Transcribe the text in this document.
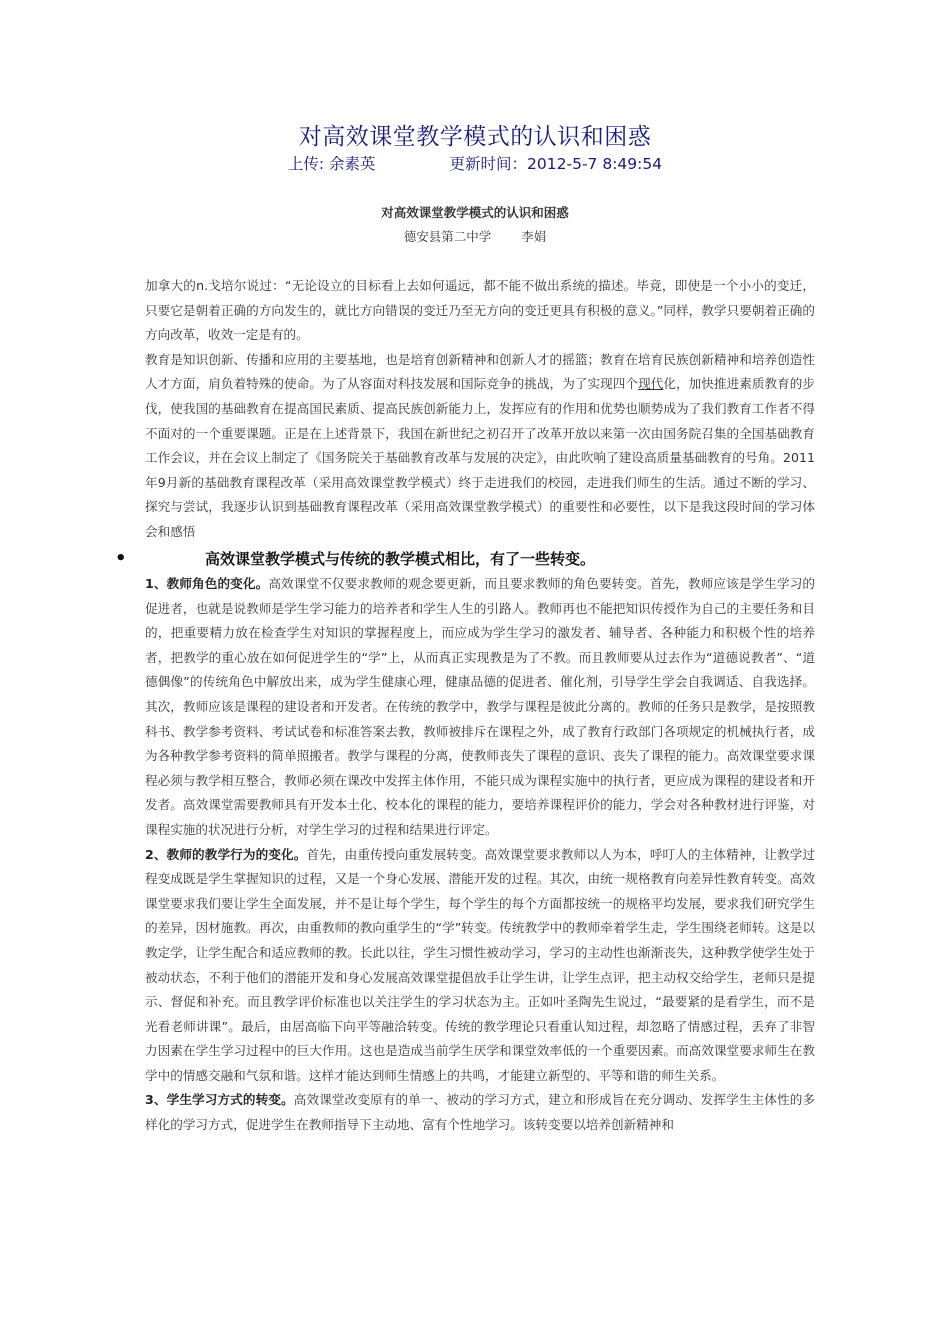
对高效课堂教学模式的认识和困惑
上传: 余素英	更新时间：2012-5-7 8:49:54
对高效课堂教学模式的认识和困惑
德安县第二中学 李娟

加拿大的n.戈培尔说过：“无论设立的目标看上去如何遥远，都不能不做出系统的描述。毕竟，即使是一个小小的变迁，只要它是朝着正确的方向发生的，就比方向错误的变迁乃至无方向的变迁更具有积极的意义。”同样，教学只要朝着正确的方向改革，收效一定是有的。

教育是知识创新、传播和应用的主要基地，也是培育创新精神和创新人才的摇篮；教育在培育民族创新精神和培养创造性人才方面，肩负着特殊的使命。为了从容面对科技发展和国际竞争的挑战，为了实现四个现代化，加快推进素质教育的步伐，使我国的基础教育在提高国民素质、提高民族创新能力上，发挥应有的作用和优势也顺势成为了我们教育工作者不得不面对的一个重要课题。正是在上述背景下，我国在新世纪之初召开了改革开放以来第一次由国务院召集的全国基础教育工作会议，并在会议上制定了《国务院关于基础教育改革与发展的决定》，由此吹响了建设高质量基础教育的号角。2011年9月新的基础教育课程改革（采用高效课堂教学模式）终于走进我们的校园，走进我们师生的生活。通过不断的学习、探究与尝试，我逐步认识到基础教育课程改革（采用高效课堂教学模式）的重要性和必要性，以下是我这段时间的学习体会和感悟

•	高效课堂教学模式与传统的教学模式相比，有了一些转变。

1、教师角色的变化。高效课堂不仅要求教师的观念要更新，而且要求教师的角色要转变。首先，教师应该是学生学习的促进者，也就是说教师是学生学习能力的培养者和学生人生的引路人。教师再也不能把知识传授作为自己的主要任务和目的，把重要精力放在检查学生对知识的掌握程度上，而应成为学生学习的激发者、辅导者、各种能力和积极个性的培养者，把教学的重心放在如何促进学生的“学”上，从而真正实现教是为了不教。而且教师要从过去作为“道德说教者”、“道德偶像”的传统角色中解放出来，成为学生健康心理，健康品德的促进者、催化剂，引导学生学会自我调适、自我选择。其次，教师应该是课程的建设者和开发者。在传统的教学中，教学与课程是彼此分离的。教师的任务只是教学，是按照教科书、教学参考资料、考试试卷和标准答案去教，教师被排斥在课程之外，成了教育行政部门各项规定的机械执行者，成为各种教学参考资料的简单照搬者。教学与课程的分离，使教师丧失了课程的意识、丧失了课程的能力。高效课堂要求课程必须与教学相互整合，教师必须在课改中发挥主体作用，不能只成为课程实施中的执行者，更应成为课程的建设者和开发者。高效课堂需要教师具有开发本土化、校本化的课程的能力，要培养课程评价的能力，学会对各种教材进行评鉴，对课程实施的状况进行分析，对学生学习的过程和结果进行评定。

2、教师的教学行为的变化。首先，由重传授向重发展转变。高效课堂要求教师以人为本，呼叮人的主体精神，让教学过程变成既是学生掌握知识的过程，又是一个身心发展、潜能开发的过程。其次，由统一规格教育向差异性教育转变。高效课堂要求我们要让学生全面发展，并不是让每个学生，每个学生的每个方面都按统一的规格平均发展，要求我们研究学生的差异，因材施教。再次，由重教师的教向重学生的“学”转变。传统教学中的教师牵着学生走，学生围绕老师转。这是以教定学，让学生配合和适应教师的教。长此以往，学生习惯性被动学习，学习的主动性也渐渐丧失，这种教学使学生处于被动状态，不利于他们的潜能开发和身心发展高效课堂提倡放手让学生讲，让学生点评，把主动权交给学生，老师只是提示、督促和补充。而且教学评价标准也以关注学生的学习状态为主。正如叶圣陶先生说过，“最要紧的是看学生，而不是光看老师讲课”。最后，由居高临下向平等融洽转变。传统的教学理论只看重认知过程，却忽略了情感过程，丢弃了非智力因素在学生学习过程中的巨大作用。这也是造成当前学生厌学和课堂效率低的一个重要因素。而高效课堂要求师生在教学中的情感交融和气氛和谐。这样才能达到师生情感上的共鸣，才能建立新型的、平等和谐的师生关系。

3、学生学习方式的转变。高效课堂改变原有的单一、被动的学习方式，建立和形成旨在充分调动、发挥学生主体性的多样化的学习方式，促进学生在教师指导下主动地、富有个性地学习。该转变要以培养创新精神和
